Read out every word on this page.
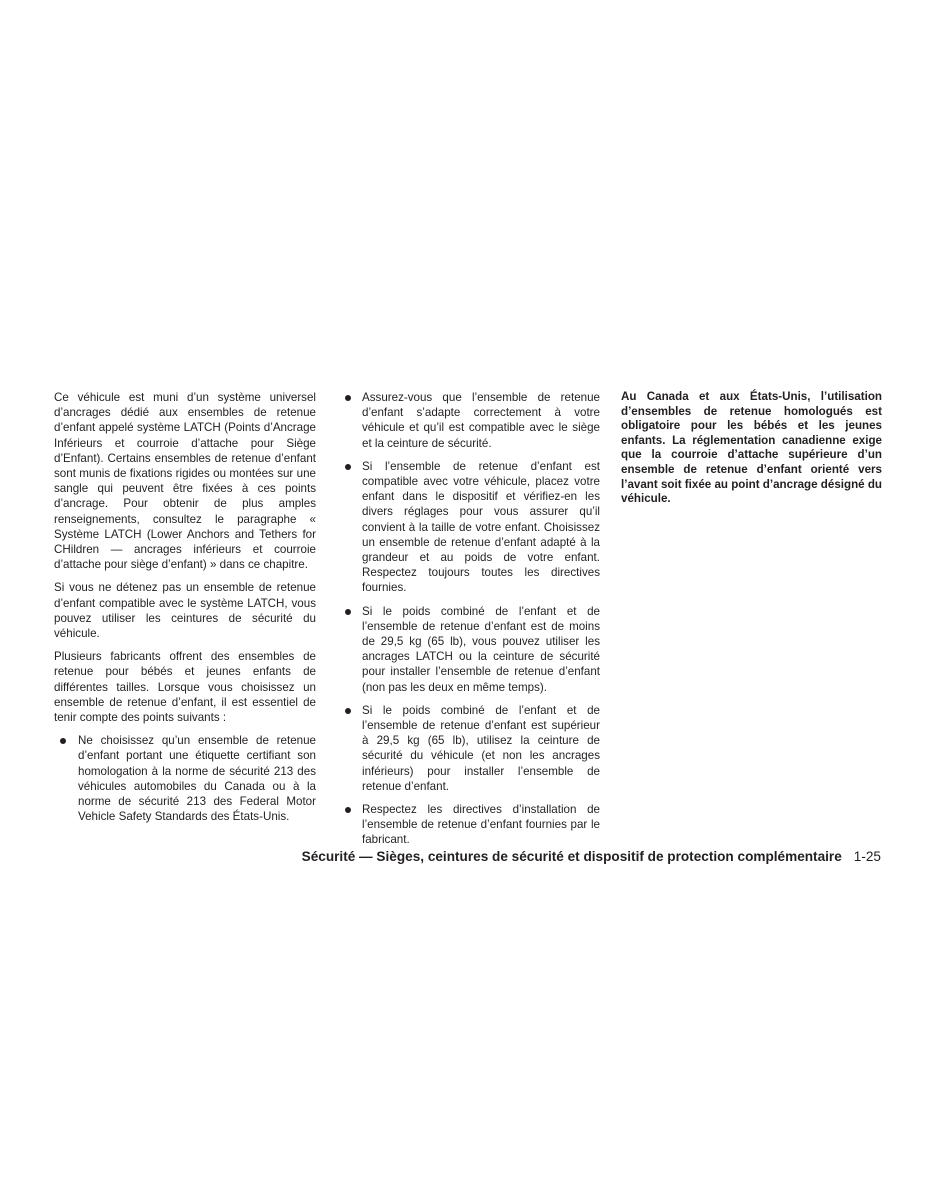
Ce véhicule est muni d’un système universel d’ancrages dédié aux ensembles de retenue d’enfant appelé système LATCH (Points d’Ancrage Inférieurs et courroie d’attache pour Siège d’Enfant). Certains ensembles de retenue d’enfant sont munis de fixations rigides ou montées sur une sangle qui peuvent être fixées à ces points d’ancrage. Pour obtenir de plus amples renseignements, consultez le paragraphe « Système LATCH (Lower Anchors and Tethers for CHildren — ancrages inférieurs et courroie d’attache pour siège d’enfant) » dans ce chapitre.

Si vous ne détenez pas un ensemble de retenue d’enfant compatible avec le système LATCH, vous pouvez utiliser les ceintures de sécurité du véhicule.

Plusieurs fabricants offrent des ensembles de retenue pour bébés et jeunes enfants de différentes tailles. Lorsque vous choisissez un ensemble de retenue d’enfant, il est essentiel de tenir compte des points suivants :

Ne choisissez qu’un ensemble de retenue d’enfant portant une étiquette certifiant son homologation à la norme de sécurité 213 des véhicules automobiles du Canada ou à la norme de sécurité 213 des Federal Motor Vehicle Safety Standards des États-Unis.
Assurez-vous que l’ensemble de retenue d’enfant s’adapte correctement à votre véhicule et qu’il est compatible avec le siège et la ceinture de sécurité.
Si l’ensemble de retenue d’enfant est compatible avec votre véhicule, placez votre enfant dans le dispositif et vérifiez-en les divers réglages pour vous assurer qu’il convient à la taille de votre enfant. Choisissez un ensemble de retenue d’enfant adapté à la grandeur et au poids de votre enfant. Respectez toujours toutes les directives fournies.
Si le poids combiné de l’enfant et de l’ensemble de retenue d’enfant est de moins de 29,5 kg (65 lb), vous pouvez utiliser les ancrages LATCH ou la ceinture de sécurité pour installer l’ensemble de retenue d’enfant (non pas les deux en même temps).
Si le poids combiné de l’enfant et de l’ensemble de retenue d’enfant est supérieur à 29,5 kg (65 lb), utilisez la ceinture de sécurité du véhicule (et non les ancrages inférieurs) pour installer l’ensemble de retenue d’enfant.
Respectez les directives d’installation de l’ensemble de retenue d’enfant fournies par le fabricant.

Au Canada et aux États-Unis, l’utilisation d’ensembles de retenue homologués est obligatoire pour les bébés et les jeunes enfants. La réglementation canadienne exige que la courroie d’attache supérieure d’un ensemble de retenue d’enfant orienté vers l’avant soit fixée au point d’ancrage désigné du véhicule.

Sécurité — Sièges, ceintures de sécurité et dispositif de protection complémentaire 1-25
